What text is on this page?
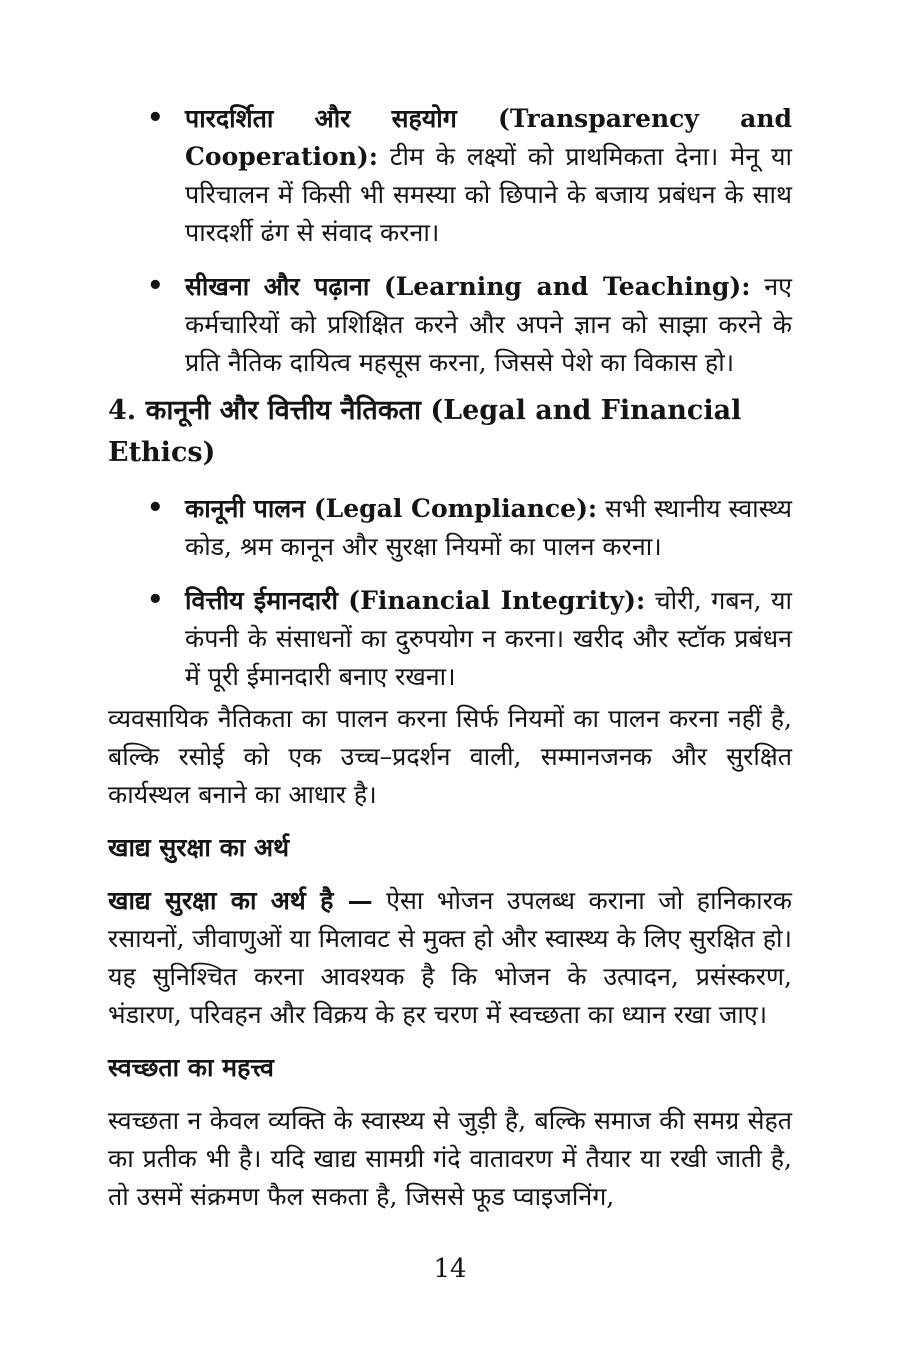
• पारदर्शिता और सहयोग (Transparency and Cooperation): टीम के लक्ष्यों को प्राथमिकता देना। मेनू या परिचालन में किसी भी समस्या को छिपाने के बजाय प्रबंधन के साथ पारदर्शी ढंग से संवाद करना।
• सीखना और पढ़ाना (Learning and Teaching): नए कर्मचारियों को प्रशिक्षित करने और अपने ज्ञान को साझा करने के प्रति नैतिक दायित्व महसूस करना, जिससे पेशे का विकास हो।
4. कानूनी और वित्तीय नैतिकता (Legal and Financial Ethics)
• कानूनी पालन (Legal Compliance): सभी स्थानीय स्वास्थ्य कोड, श्रम कानून और सुरक्षा नियमों का पालन करना।
• वित्तीय ईमानदारी (Financial Integrity): चोरी, गबन, या कंपनी के संसाधनों का दुरुपयोग न करना। खरीद और स्टॉक प्रबंधन में पूरी ईमानदारी बनाए रखना।

व्यवसायिक नैतिकता का पालन करना सिर्फ नियमों का पालन करना नहीं है, बल्कि रसोई को एक उच्च–प्रदर्शन वाली, सम्मानजनक और सुरक्षित कार्यस्थल बनाने का आधार है।

खाद्य सुरक्षा का अर्थ

खाद्य सुरक्षा का अर्थ है — ऐसा भोजन उपलब्ध कराना जो हानिकारक रसायनों, जीवाणुओं या मिलावट से मुक्त हो और स्वास्थ्य के लिए सुरक्षित हो। यह सुनिश्चित करना आवश्यक है कि भोजन के उत्पादन, प्रसंस्करण, भंडारण, परिवहन और विक्रय के हर चरण में स्वच्छता का ध्यान रखा जाए।

स्वच्छता का महत्त्व

स्वच्छता न केवल व्यक्ति के स्वास्थ्य से जुड़ी है, बल्कि समाज की समग्र सेहत का प्रतीक भी है। यदि खाद्य सामग्री गंदे वातावरण में तैयार या रखी जाती है, तो उसमें संक्रमण फैल सकता है, जिससे फूड प्वाइजनिंग,

14
